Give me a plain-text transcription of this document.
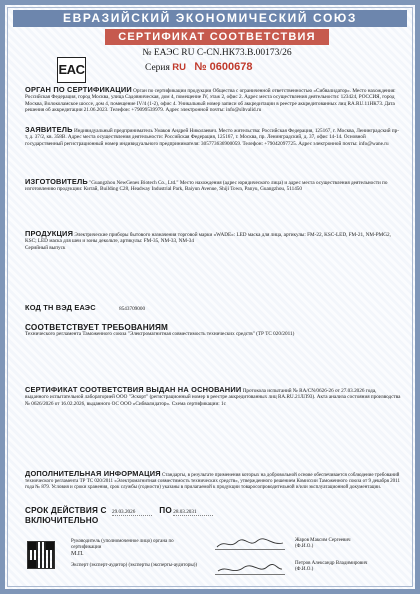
ЕВРАЗИЙСКИЙ ЭКОНОМИЧЕСКИЙ СОЮЗ
EAC
СЕРТИФИКАТ СООТВЕТСТВИЯ
№ ЕАЭС RU C-CN.НК73.В.00173/26
Серия RU № 0600678
ОРГАН ПО СЕРТИФИКАЦИИ Орган по сертификации продукции Общества с ограниченной ответственностью «Сибвалидатор». Место нахождения: Российская Федерация, город Москва, улица Садовническая, дом 4, помещение IV, этаж 2, офис 2. Адрес места осуществления деятельности: 123424, РОССИЯ, город Москва, Волоколамское шоссе, дом 4, помещение IV/4 (1-2), офис 4. Уникальный номер записи об аккредитации в реестре аккредитованных лиц RA.RU.11НК73. Дата решения об аккредитации 21.06.2023. Телефон: +79099539979. Адрес электронной почты: info@sibvalid.ru
ЗАЯВИТЕЛЬ Индивидуальный предприниматель Умаков Андрей Николаевич. Место жительства: Российская Федерация, 125167, г. Москва, Ленинградский пр-т, д. 37/2, кв. 358В. Адрес места осуществления деятельности: Российская Федерация, 125167, г. Москва, пр. Ленинградский, д. 37, офис 14-14. Основной государственный регистрационный номер индивидуального предпринимателя: 305773636900059. Телефон: +79042097725. Адрес электронной почты: info@wane.ru
ИЗГОТОВИТЕЛЬ "Guangzhou NewGenes Biotech Co., Ltd." Место нахождения (адрес юридического лица) и адрес места осуществления деятельности по изготовлению продукции: Китай, Building C28, Headway Industrial Park, Baiyun Avenue, Shiji Town, Panyu, Guangzhou, 511450
ПРОДУКЦИЯ Электрические приборы бытового назначения торговой марки «WADE»: LED маска для лица, артикулы: FM-22, KSC-LED, FM-21, NM-PMG2, KSC; LED маска для шеи и зоны декольте, артикулы: FM-35, NM-33, NM-34
Серийный выпуск
КОД ТН ВЭД ЕАЭС	8543709000
СООТВЕТСТВУЕТ ТРЕБОВАНИЯМ
Технического регламента Таможенного союза "Электромагнитная совместимость технических средств" (ТР ТС 020/2011)
СЕРТИФИКАТ СООТВЕТСТВИЯ ВЫДАН НА ОСНОВАНИИ Протокола испытаний № RA/CN/0626-26 от 27.03.2026 года, выданного испытательной лабораторией ООО "Эскорт" (регистрационный номер в реестре аккредитованных лиц RA.RU.21ЛЛ93). Акта анализа состояния производства № 0626/2026 от 16.02.2026, выданного ОС ООО «Сибвалидатор». Схема сертификации: 1с
ДОПОЛНИТЕЛЬНАЯ ИНФОРМАЦИЯ Стандарты, в результате применения которых на добровольной основе обеспечивается соблюдение требований технического регламента ТР ТС 020/2011 «Электромагнитная совместимость технических средств», утвержденного решением Комиссии Таможенного союза от 9 декабря 2011 года № 879. Условия и сроки хранения, срок службы (годности) указаны в прилагаемой к продукции товаросопроводительной и/или эксплуатационной документации.
СРОК ДЕЙСТВИЯ С 29.03.2026	ПО 28.03.2031
ВКЛЮЧИТЕЛЬНО
Руководитель (уполномоченное лицо) органа по сертификации
Жаров Максим Сергеевич
(Ф.И.О.)
М.П.
Эксперт (эксперт-аудитор) (эксперты (эксперты-аудиторы))	Петров Александр Владимирович
(Ф.И.О.)
